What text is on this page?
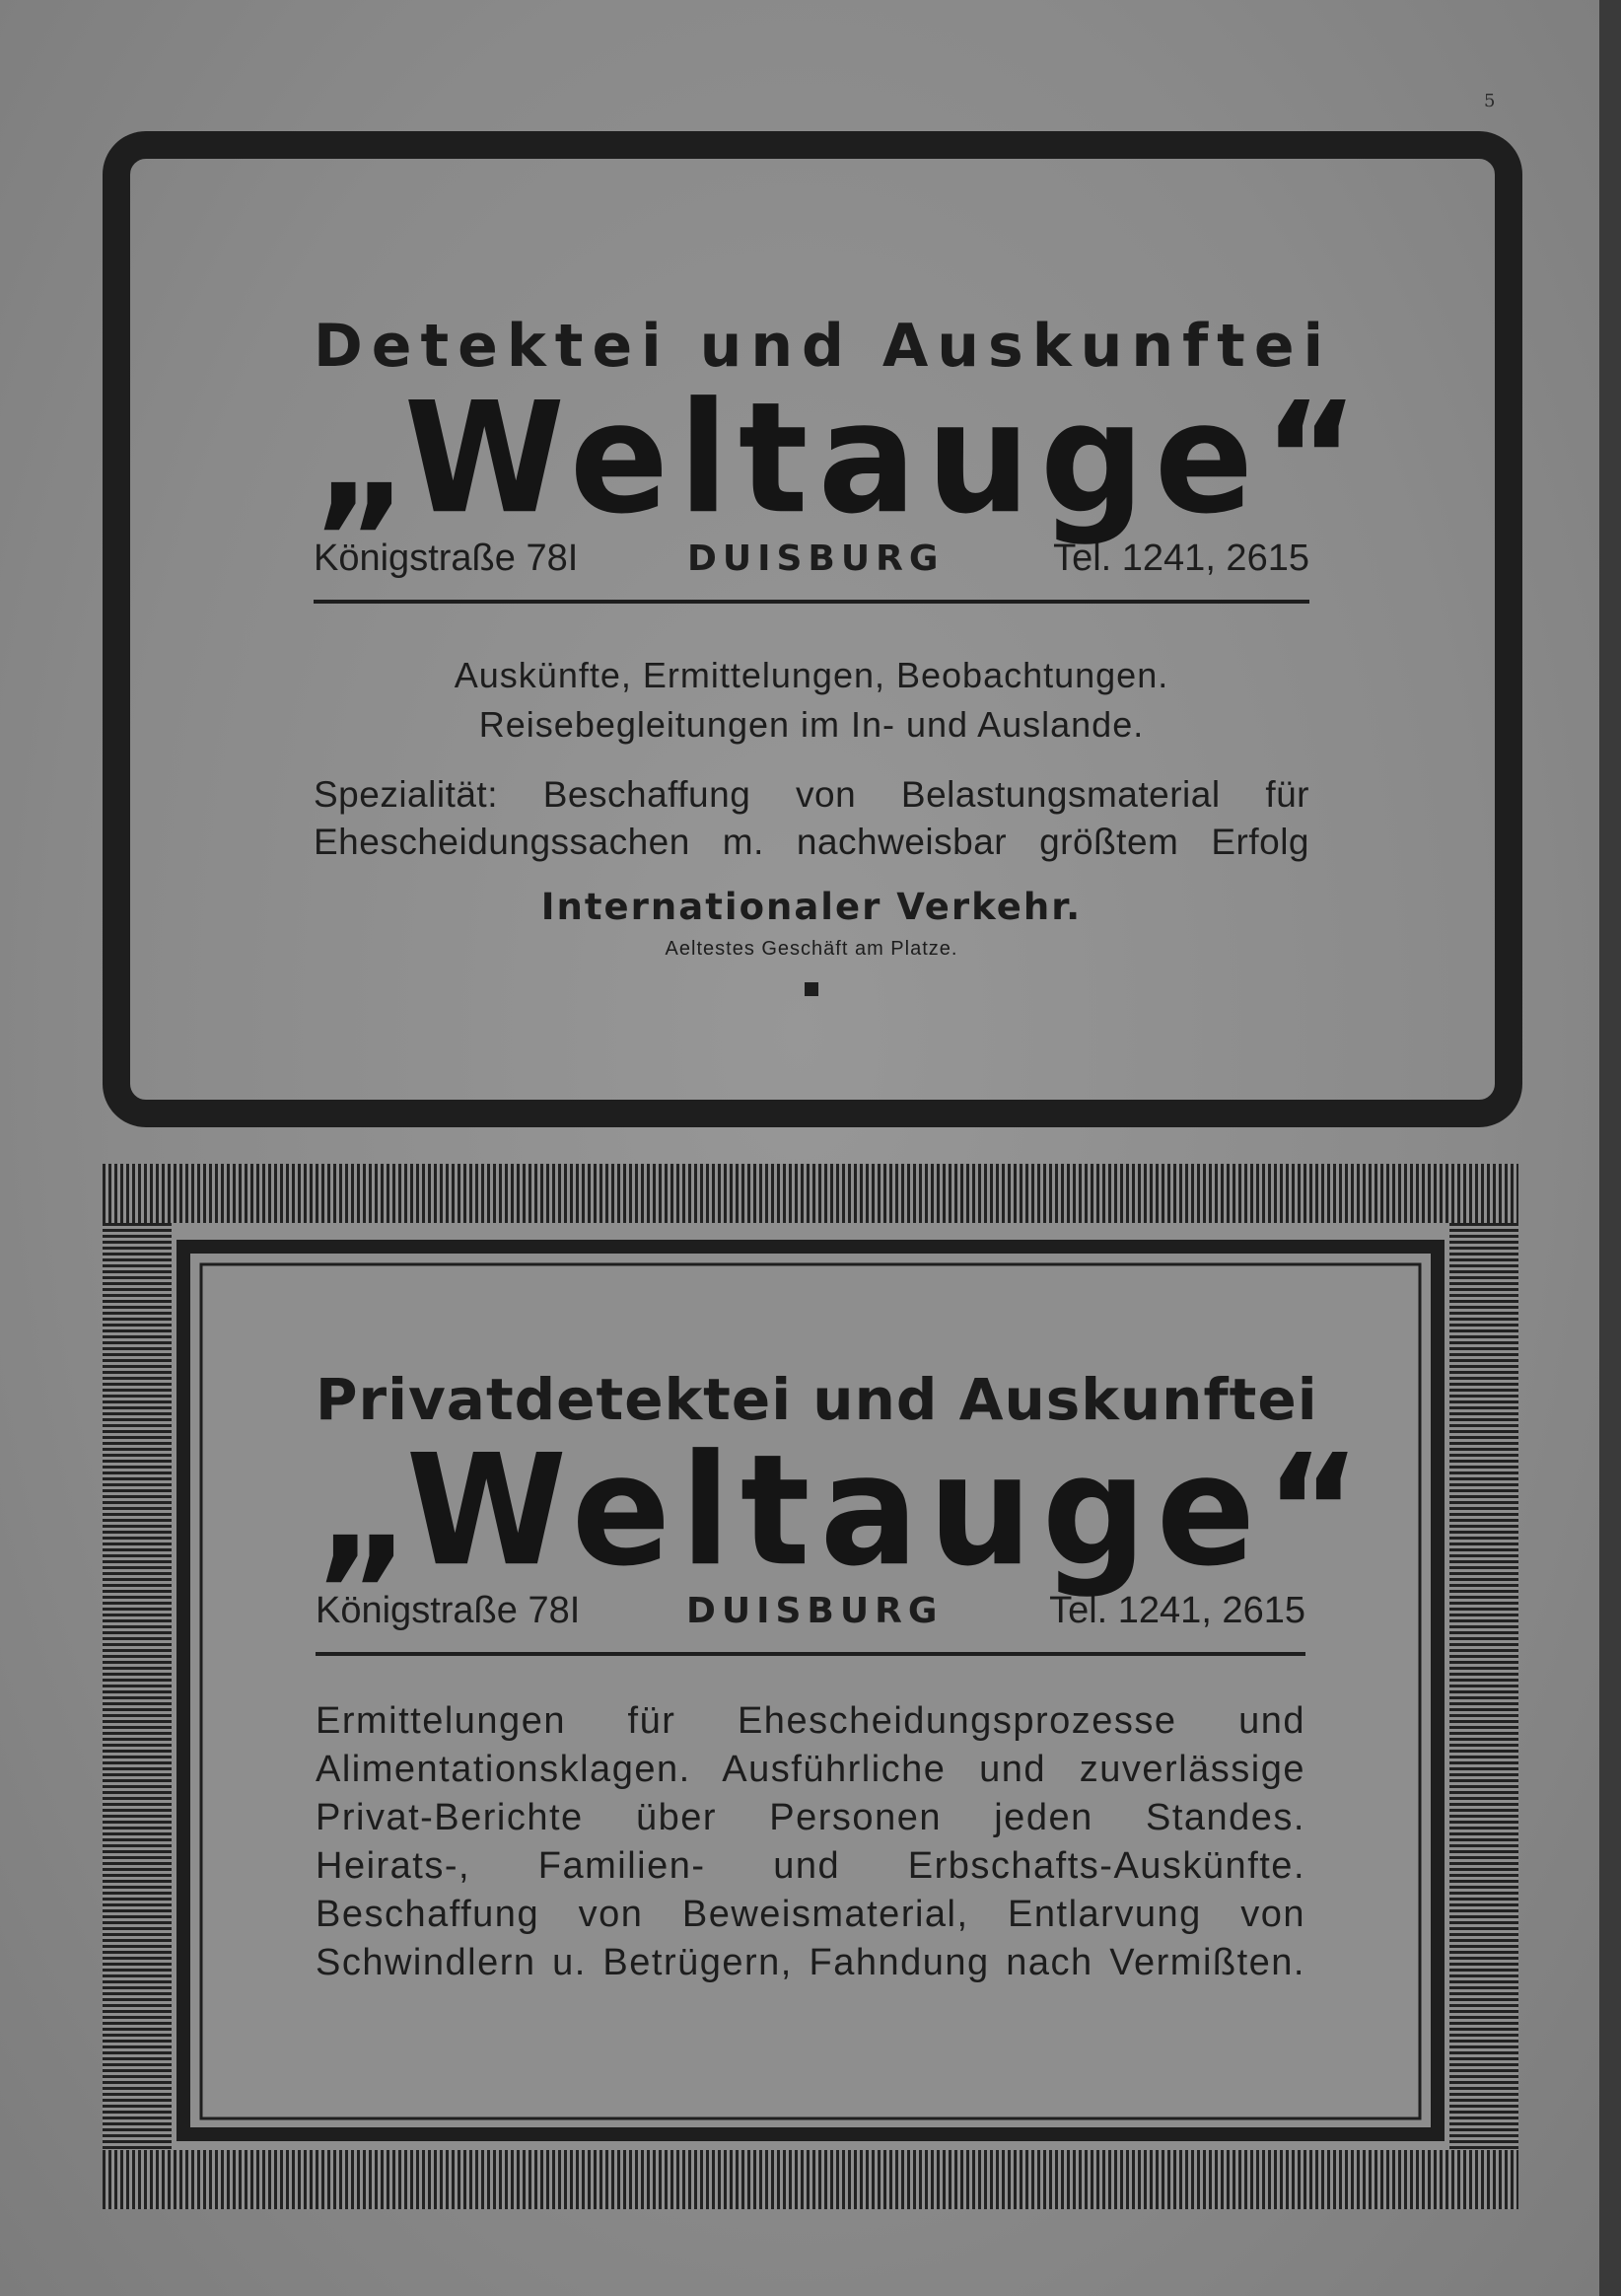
5
Detektei und Auskunftei
„Weltauge“
Königstraße 78I	DUISBURG	Tel. 1241, 2615
Auskünfte, Ermittelungen, Beobachtungen.
Reisebegleitungen im In- und Auslande.
Spezialität: Beschaffung von Belastungsmaterial für
Ehescheidungssachen m. nachweisbar größtem Erfolg
Internationaler Verkehr.
Aeltestes Geschäft am Platze.
Privatdetektei und Auskunftei
„Weltauge“
Königstraße 78I	DUISBURG	Tel. 1241, 2615
Ermittelungen für Ehescheidungsprozesse und
Alimentationsklagen. Ausführliche und zuverlässige
Privat-Berichte über Personen jeden Standes.
Heirats-, Familien- und Erbschafts-Auskünfte.
Beschaffung von Beweismaterial, Entlarvung von
Schwindlern u. Betrügern, Fahndung nach Vermißten.
